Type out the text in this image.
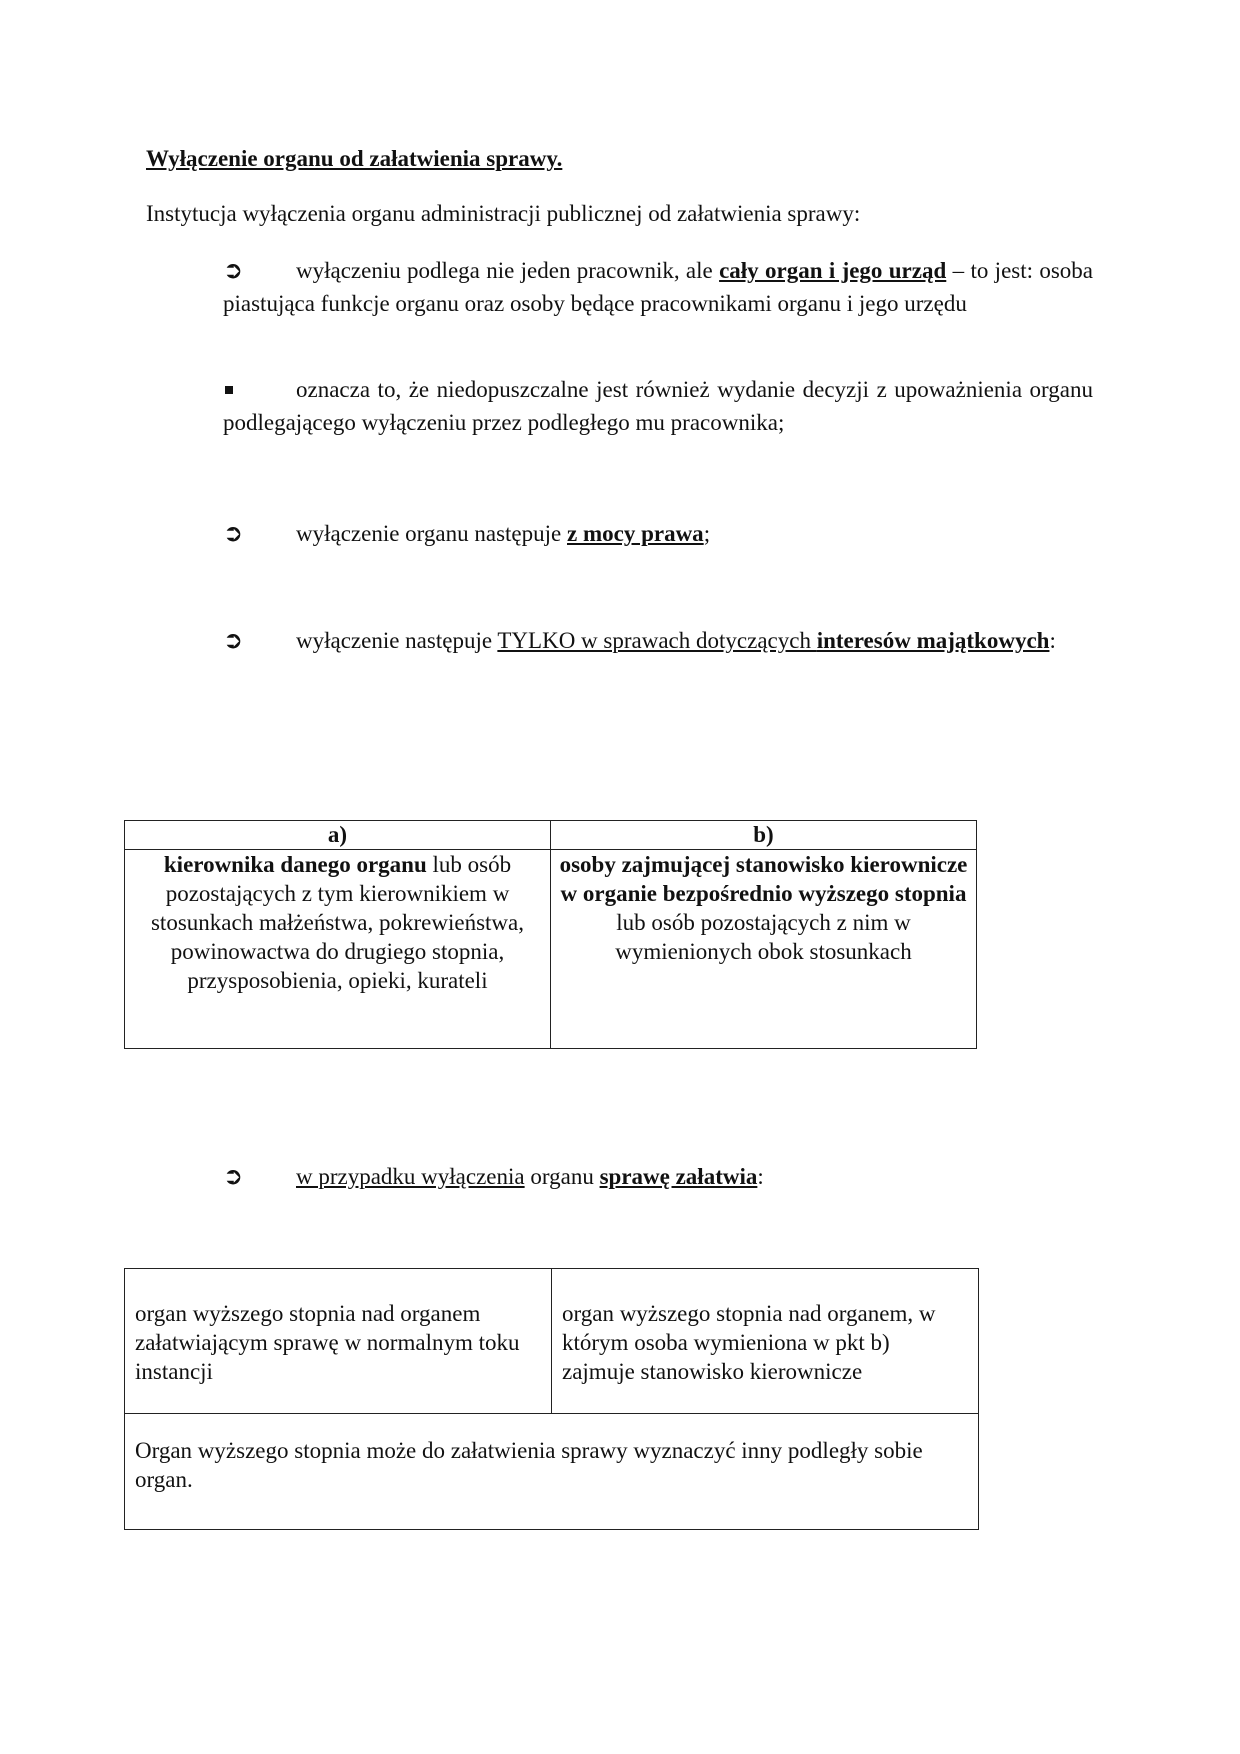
Wyłączenie organu od załatwienia sprawy.
Instytucja wyłączenia organu administracji publicznej od załatwienia sprawy:
➲ wyłączeniu podlega nie jeden pracownik, ale cały organ i jego urząd – to jest: osoba piastująca funkcje organu oraz osoby będące pracownikami organu i jego urzędu
oznacza to, że niedopuszczalne jest również wydanie decyzji z upoważnienia organu podlegającego wyłączeniu przez podległego mu pracownika;
➲ wyłączenie organu następuje z mocy prawa;
➲ wyłączenie następuje TYLKO w sprawach dotyczących interesów majątkowych:
a)	b)
kierownika danego organu lub osób pozostających z tym kierownikiem w stosunkach małżeństwa, pokrewieństwa, powinowactwa do drugiego stopnia, przysposobienia, opieki, kurateli	osoby zajmującej stanowisko kierownicze w organie bezpośrednio wyższego stopnia lub osób pozostających z nim w wymienionych obok stosunkach
➲ w przypadku wyłączenia organu sprawę załatwia:
organ wyższego stopnia nad organem załatwiającym sprawę w normalnym toku instancji	organ wyższego stopnia nad organem, w którym osoba wymieniona w pkt b) zajmuje stanowisko kierownicze
Organ wyższego stopnia może do załatwienia sprawy wyznaczyć inny podległy sobie organ.
